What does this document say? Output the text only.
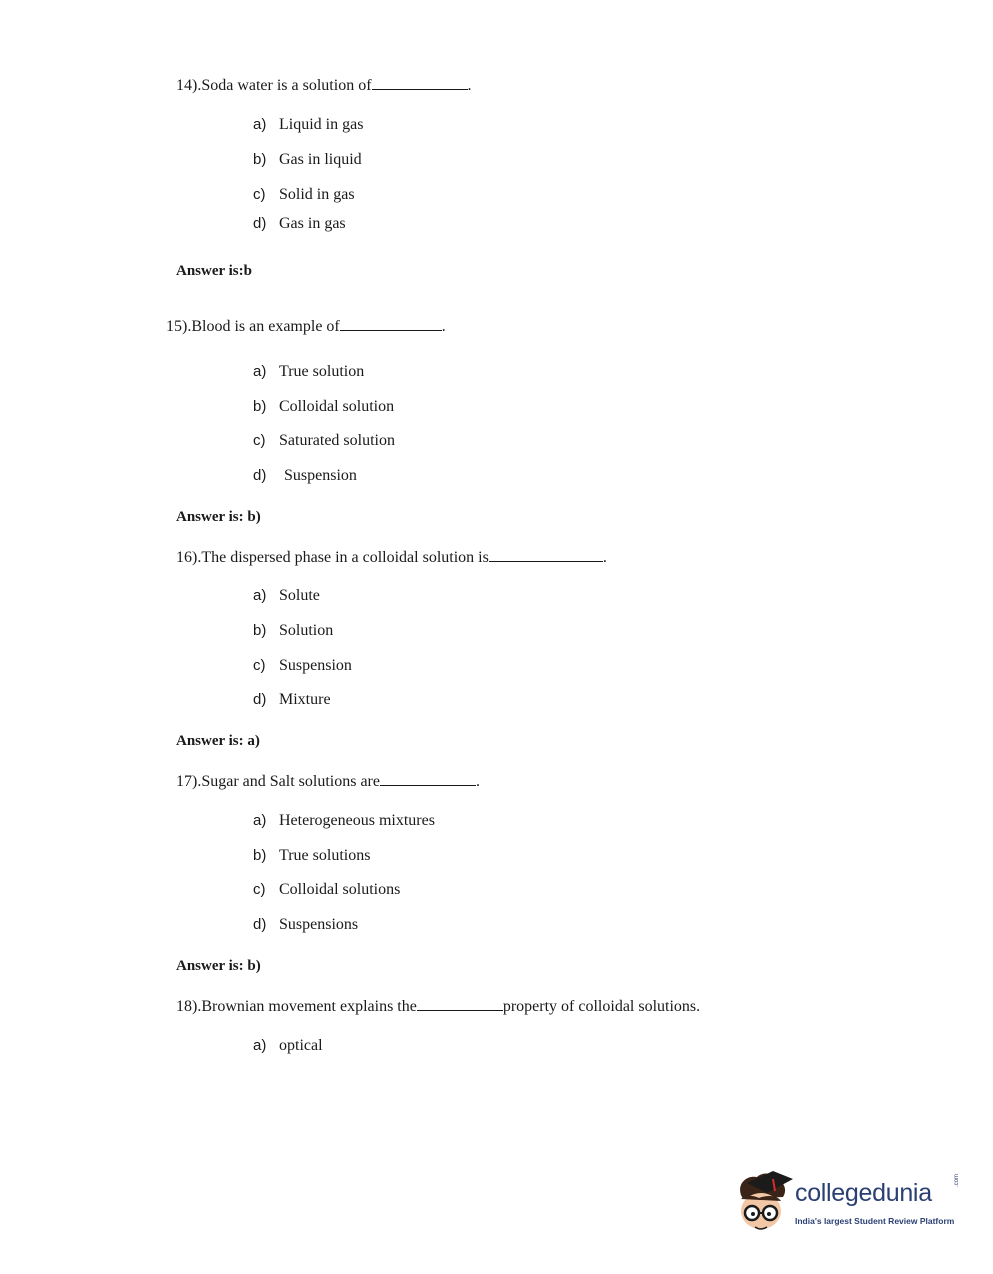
14).Soda water is a solution of	.
a) Liquid in gas
b) Gas in liquid
c) Solid in gas
d) Gas in gas
Answer is:b
15).Blood is an example of	.
a) True solution
b) Colloidal solution
c) Saturated solution
d) Suspension
Answer is: b)
16).The dispersed phase in a colloidal solution is	.
a) Solute
b) Solution
c) Suspension
d) Mixture
Answer is: a)
17).Sugar and Salt solutions are	.
a) Heterogeneous mixtures
b) True solutions
c) Colloidal solutions
d) Suspensions
Answer is: b)
18).Brownian movement explains the	property of colloidal solutions.
a) optical
collegedunia	.com
India's largest Student Review Platform
